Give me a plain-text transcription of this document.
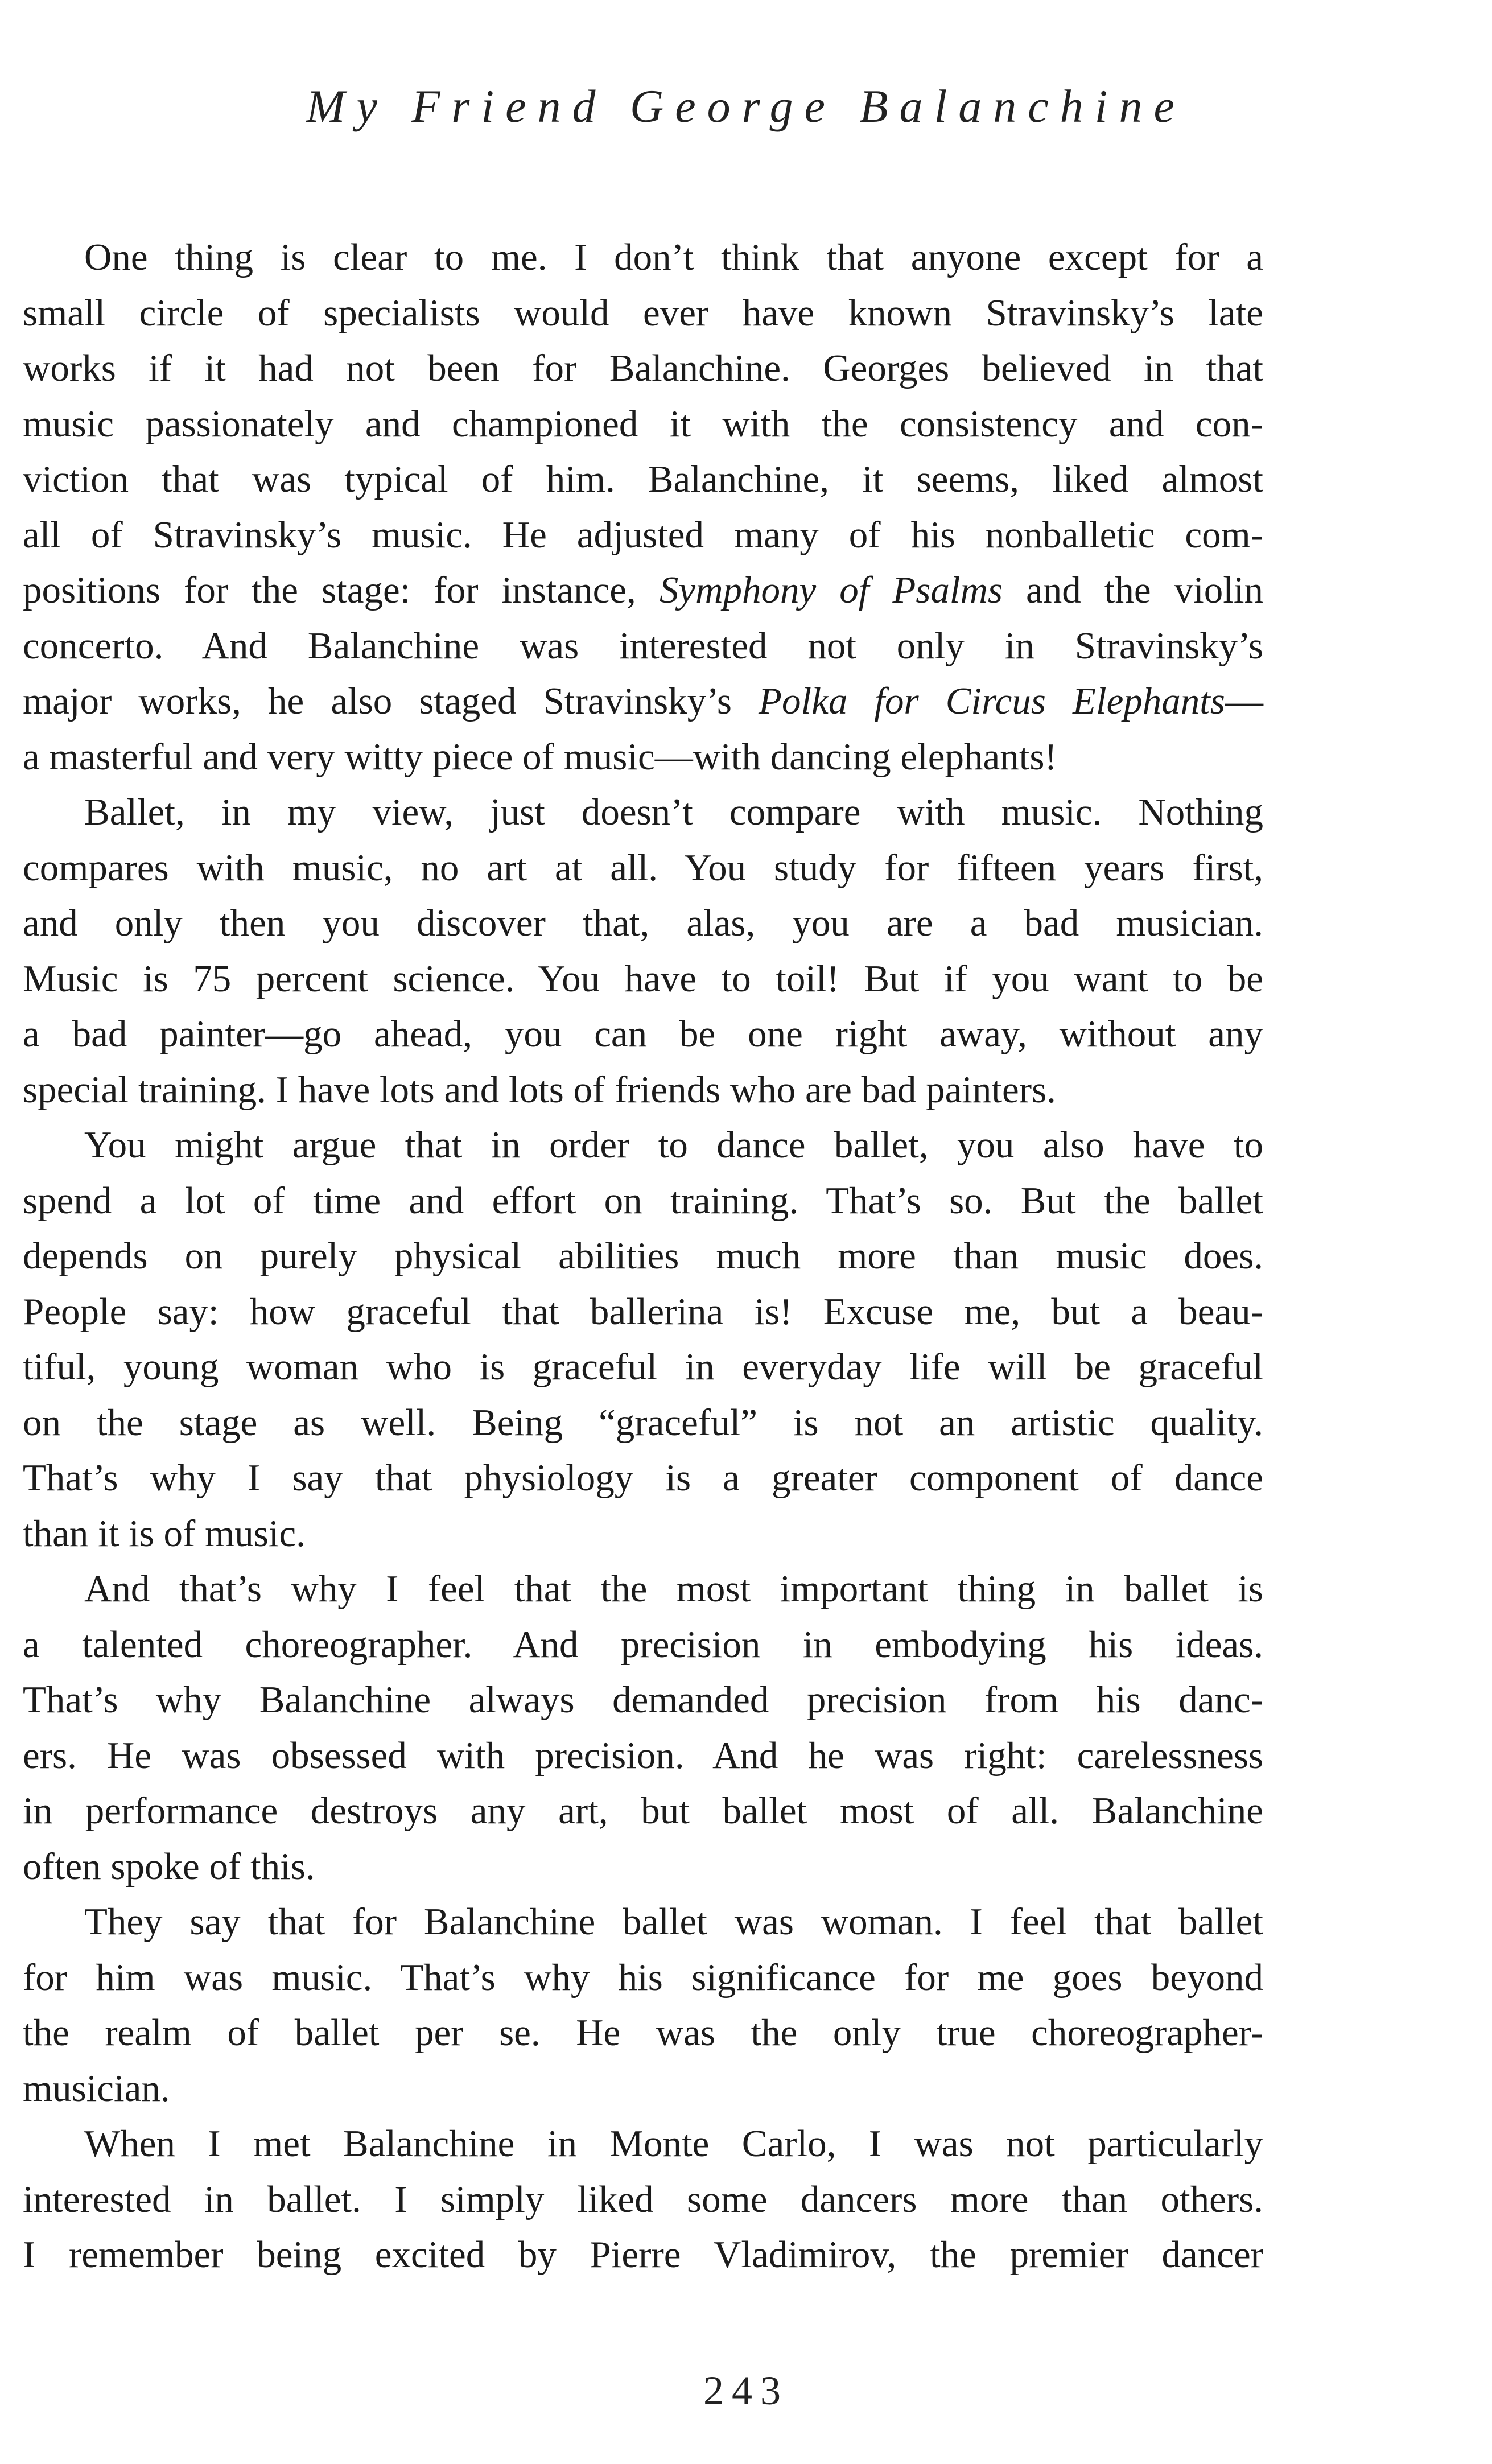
My Friend George Balanchine

One thing is clear to me. I don’t think that anyone except for a

small circle of specialists would ever have known Stravinsky’s late

works if it had not been for Balanchine. Georges believed in that

music passionately and championed it with the consistency and con-

viction that was typical of him. Balanchine, it seems, liked almost

all of Stravinsky’s music. He adjusted many of his nonballetic com-

positions for the stage: for instance, Symphony of Psalms and the violin

concerto. And Balanchine was interested not only in Stravinsky’s

major works, he also staged Stravinsky’s Polka for Circus Elephants—

a masterful and very witty piece of music—with dancing elephants!

Ballet, in my view, just doesn’t compare with music. Nothing

compares with music, no art at all. You study for fifteen years first,

and only then you discover that, alas, you are a bad musician.

Music is 75 percent science. You have to toil! But if you want to be

a bad painter—go ahead, you can be one right away, without any

special training. I have lots and lots of friends who are bad painters.

You might argue that in order to dance ballet, you also have to

spend a lot of time and effort on training. That’s so. But the ballet

depends on purely physical abilities much more than music does.

People say: how graceful that ballerina is! Excuse me, but a beau-

tiful, young woman who is graceful in everyday life will be graceful

on the stage as well. Being “graceful” is not an artistic quality.

That’s why I say that physiology is a greater component of dance

than it is of music.

And that’s why I feel that the most important thing in ballet is

a talented choreographer. And precision in embodying his ideas.

That’s why Balanchine always demanded precision from his danc-

ers. He was obsessed with precision. And he was right: carelessness

in performance destroys any art, but ballet most of all. Balanchine

often spoke of this.

They say that for Balanchine ballet was woman. I feel that ballet

for him was music. That’s why his significance for me goes beyond

the realm of ballet per se. He was the only true choreographer-

musician.

When I met Balanchine in Monte Carlo, I was not particularly

interested in ballet. I simply liked some dancers more than others.

I remember being excited by Pierre Vladimirov, the premier dancer

243
